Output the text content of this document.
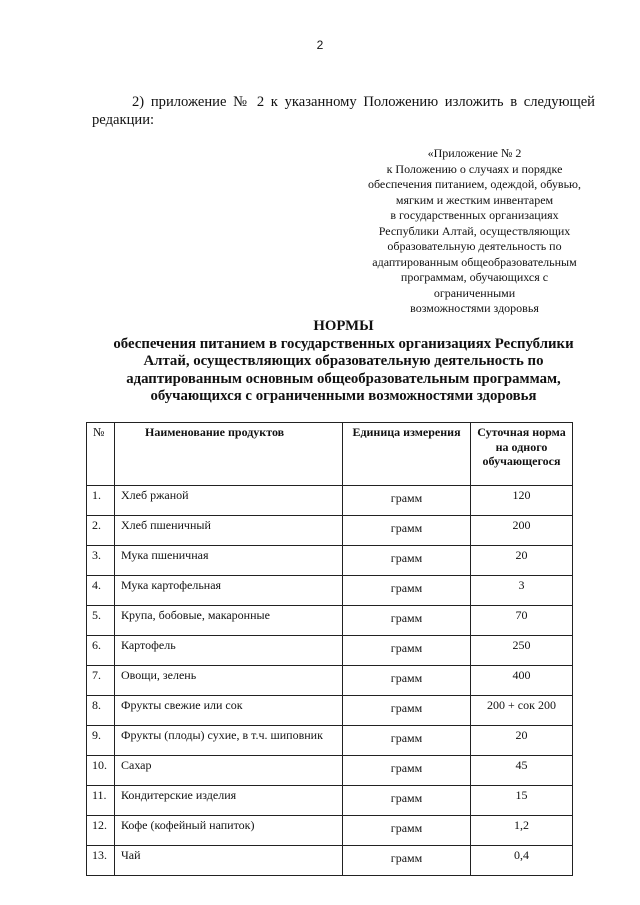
2
2) приложение № 2 к указанному Положению изложить в следующей редакции:
«Приложение № 2
к Положению о случаях и порядке
обеспечения питанием, одеждой, обувью,
мягким и жестким инвентарем
в государственных организациях
Республики Алтай, осуществляющих
образовательную деятельность по
адаптированным общеобразовательным
программам, обучающихся с
ограниченными
возможностями здоровья
НОРМЫ
обеспечения питанием в государственных организациях Республики
Алтай, осуществляющих образовательную деятельность по
адаптированным основным общеобразовательным программам,
обучающихся с ограниченными возможностями здоровья
№	Наименование продуктов	Единица измерения	Суточная норма на одного обучающегося
1.	Хлеб ржаной	грамм	120
2.	Хлеб пшеничный	грамм	200
3.	Мука пшеничная	грамм	20
4.	Мука картофельная	грамм	3
5.	Крупа, бобовые, макаронные	грамм	70
6.	Картофель	грамм	250
7.	Овощи, зелень	грамм	400
8.	Фрукты свежие или сок	грамм	200 + сок 200
9.	Фрукты (плоды) сухие, в т.ч. шиповник	грамм	20
10.	Сахар	грамм	45
11.	Кондитерские изделия	грамм	15
12.	Кофе (кофейный напиток)	грамм	1,2
13.	Чай	грамм	0,4
